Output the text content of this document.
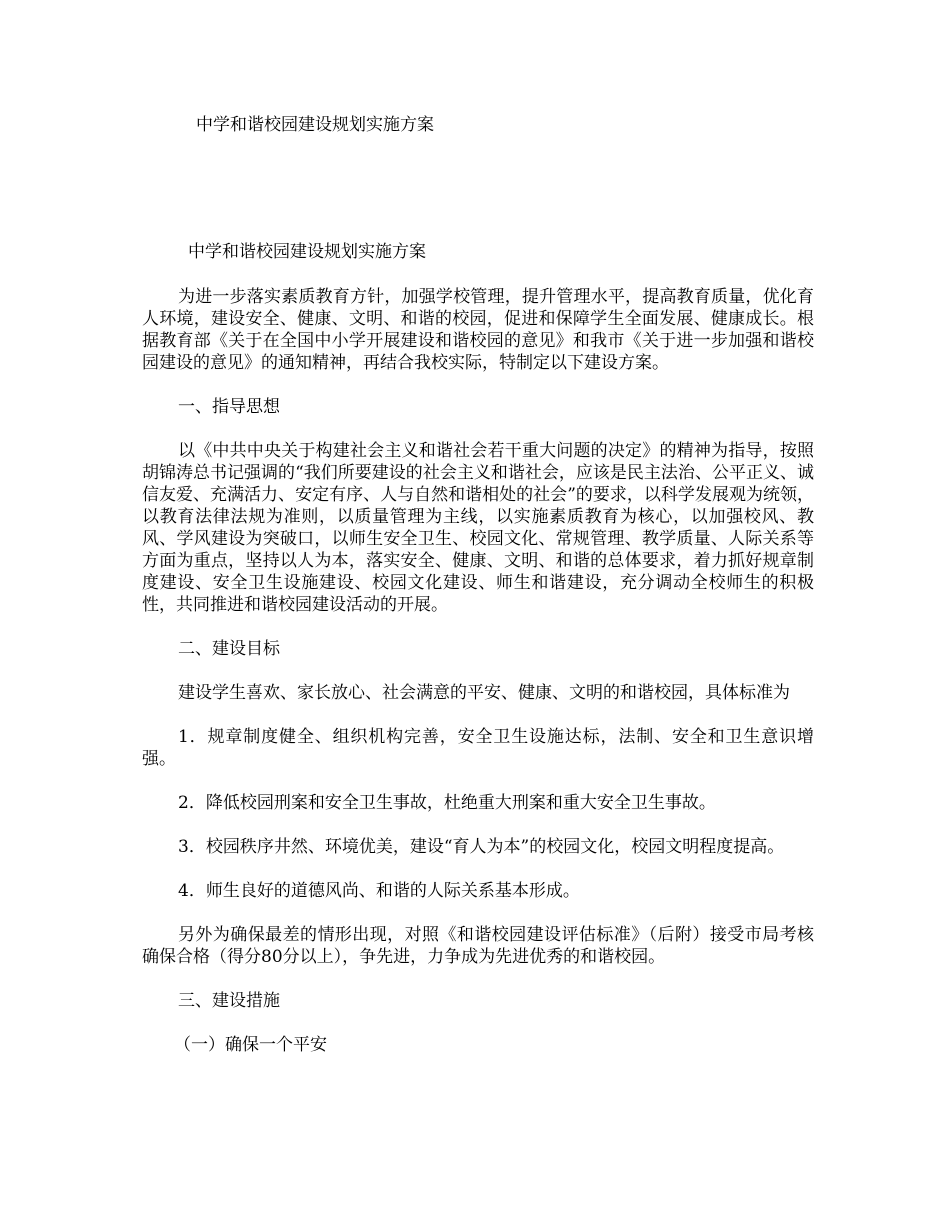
中学和谐校园建设规划实施方案
中学和谐校园建设规划实施方案

为进一步落实素质教育方针，加强学校管理，提升管理水平，提高教育质量，优化育人环境，建设安全、健康、文明、和谐的校园，促进和保障学生全面发展、健康成长。根据教育部《关于在全国中小学开展建设和谐校园的意见》和我市《关于进一步加强和谐校园建设的意见》的通知精神，再结合我校实际，特制定以下建设方案。

一、指导思想

以《中共中央关于构建社会主义和谐社会若干重大问题的决定》的精神为指导，按照胡锦涛总书记强调的“我们所要建设的社会主义和谐社会，应该是民主法治、公平正义、诚信友爱、充满活力、安定有序、人与自然和谐相处的社会”的要求，以科学发展观为统领，以教育法律法规为准则，以质量管理为主线，以实施素质教育为核心，以加强校风、教风、学风建设为突破口，以师生安全卫生、校园文化、常规管理、教学质量、人际关系等方面为重点，坚持以人为本，落实安全、健康、文明、和谐的总体要求，着力抓好规章制度建设、安全卫生设施建设、校园文化建设、师生和谐建设，充分调动全校师生的积极性，共同推进和谐校园建设活动的开展。

二、建设目标

建设学生喜欢、家长放心、社会满意的平安、健康、文明的和谐校园，具体标准为

1．规章制度健全、组织机构完善，安全卫生设施达标，法制、安全和卫生意识增强。

2．降低校园刑案和安全卫生事故，杜绝重大刑案和重大安全卫生事故。

3．校园秩序井然、环境优美，建设“育人为本”的校园文化，校园文明程度提高。

4．师生良好的道德风尚、和谐的人际关系基本形成。

另外为确保最差的情形出现，对照《和谐校园建设评估标准》（后附）接受市局考核确保合格（得分80分以上），争先进，力争成为先进优秀的和谐校园。

三、建设措施

（一）确保一个平安
